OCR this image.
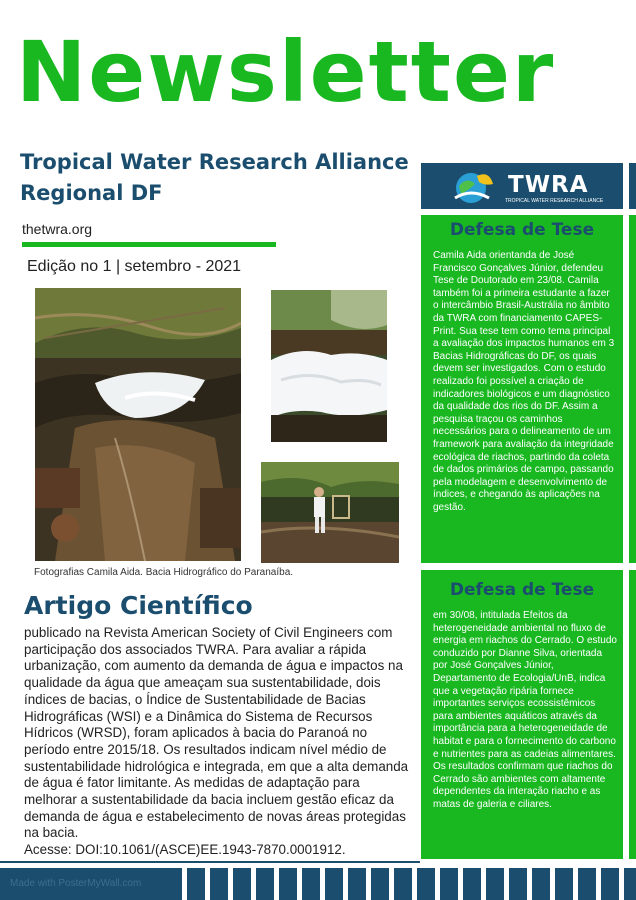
Newsletter
Tropical Water Research Alliance
Regional DF
thetwra.org
Edição no 1 | setembro - 2021
Fotografias Camila Aida. Bacia Hidrográfico do Paranaíba.
Artigo Científico

publicado na Revista American Society of Civil Engineers com participação dos associados TWRA. Para avaliar a rápida urbanização, com aumento da demanda de água e impactos na qualidade da água que ameaçam sua sustentabilidade, dois índices de bacias, o Índice de Sustentabilidade de Bacias Hidrográficas (WSI) e a Dinâmica do Sistema de Recursos Hídricos (WRSD), foram aplicados à bacia do Paranoá no período entre 2015/18. Os resultados indicam nível médio de sustentabilidade hidrológica e integrada, em que a alta demanda de água é fator limitante. As medidas de adaptação para melhorar a sustentabilidade da bacia incluem gestão eficaz da demanda de água e estabelecimento de novas áreas protegidas na bacia.

Acesse: DOI:10.1061/(ASCE)EE.1943-7870.0001912.

TWRA
TROPICAL WATER RESEARCH ALLIANCE
Defesa de Tese
Camila Aida orientanda de José Francisco Gonçalves Júnior, defendeu Tese de Doutorado em 23/08. Camila também foi a primeira estudante a fazer o intercâmbio Brasil-Austrália no âmbito da TWRA com financiamento CAPES-Print. Sua tese tem como tema principal a avaliação dos impactos humanos em 3 Bacias Hidrográficas do DF, os quais devem ser investigados. Com o estudo realizado foi possível a criação de indicadores biológicos e um diagnóstico da qualidade dos rios do DF. Assim a pesquisa traçou os caminhos necessários para o delineamento de um framework para avaliação da integridade ecológica de riachos, partindo da coleta de dados primários de campo, passando pela modelagem e desenvolvimento de índices, e chegando às aplicações na gestão.
Defesa de Tese
em 30/08, intitulada Efeitos da heterogeneidade ambiental no fluxo de energia em riachos do Cerrado. O estudo conduzido por Dianne Silva, orientada por José Gonçalves Júnior, Departamento de Ecologia/UnB, indica que a vegetação ripária fornece importantes serviços ecossistêmicos para ambientes aquáticos através da importância para a heterogeneidade de habitat e para o fornecimento do carbono e nutrientes para as cadeias alimentares. Os resultados confirmam que riachos do Cerrado são ambientes com altamente dependentes da interação riacho e as matas de galeria e ciliares.
Made with PosterMyWall.com
